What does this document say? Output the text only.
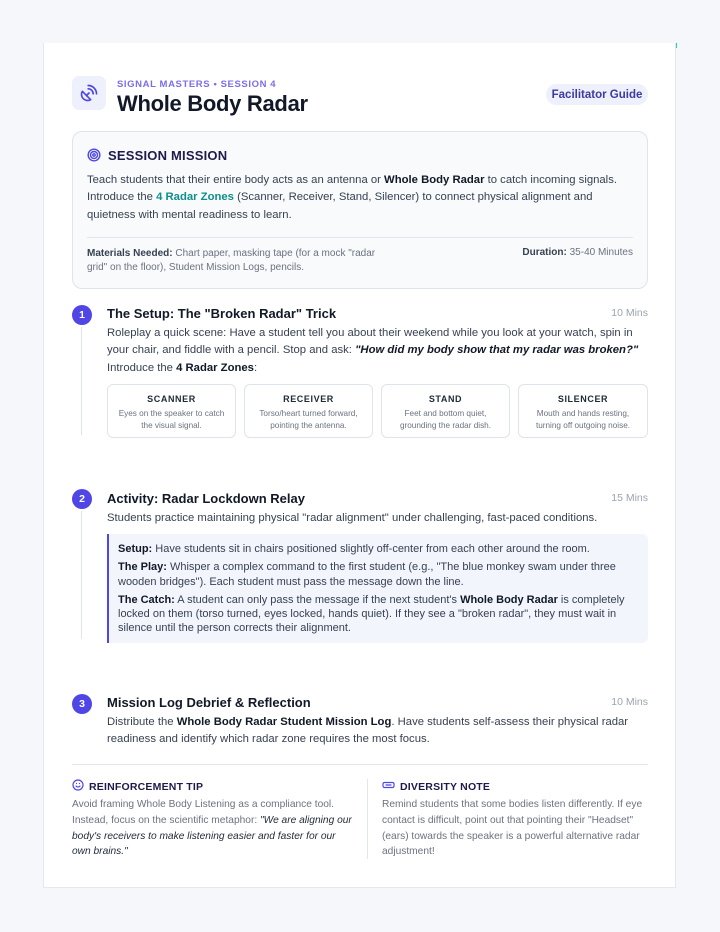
SIGNAL MASTERS • SESSION 4
Whole Body Radar	Facilitator Guide
SESSION MISSION
Teach students that their entire body acts as an antenna or Whole Body Radar to catch incoming signals. Introduce the 4 Radar Zones (Scanner, Receiver, Stand, Silencer) to connect physical alignment and quietness with mental readiness to learn.
Materials Needed: Chart paper, masking tape (for a mock "radar grid" on the floor), Student Mission Logs, pencils.
Duration: 35-40 Minutes
1	The Setup: The "Broken Radar" Trick	10 Mins
Roleplay a quick scene: Have a student tell you about their weekend while you look at your watch, spin in your chair, and fiddle with a pencil. Stop and ask: "How did my body show that my radar was broken?" Introduce the 4 Radar Zones:
SCANNER
Eyes on the speaker to catch the visual signal.
RECEIVER
Torso/heart turned forward, pointing the antenna.
STAND
Feet and bottom quiet, grounding the radar dish.
SILENCER
Mouth and hands resting, turning off outgoing noise.
2	Activity: Radar Lockdown Relay	15 Mins
Students practice maintaining physical "radar alignment" under challenging, fast-paced conditions.

Setup: Have students sit in chairs positioned slightly off-center from each other around the room.

The Play: Whisper a complex command to the first student (e.g., "The blue monkey swam under three wooden bridges"). Each student must pass the message down the line.

The Catch: A student can only pass the message if the next student's Whole Body Radar is completely locked on them (torso turned, eyes locked, hands quiet). If they see a "broken radar", they must wait in silence until the person corrects their alignment.

3	Mission Log Debrief & Reflection	10 Mins
Distribute the Whole Body Radar Student Mission Log. Have students self-assess their physical radar readiness and identify which radar zone requires the most focus.
REINFORCEMENT TIP
Avoid framing Whole Body Listening as a compliance tool. Instead, focus on the scientific metaphor: "We are aligning our body's receivers to make listening easier and faster for our own brains."
DIVERSITY NOTE
Remind students that some bodies listen differently. If eye contact is difficult, point out that pointing their "Headset" (ears) towards the speaker is a powerful alternative radar adjustment!
